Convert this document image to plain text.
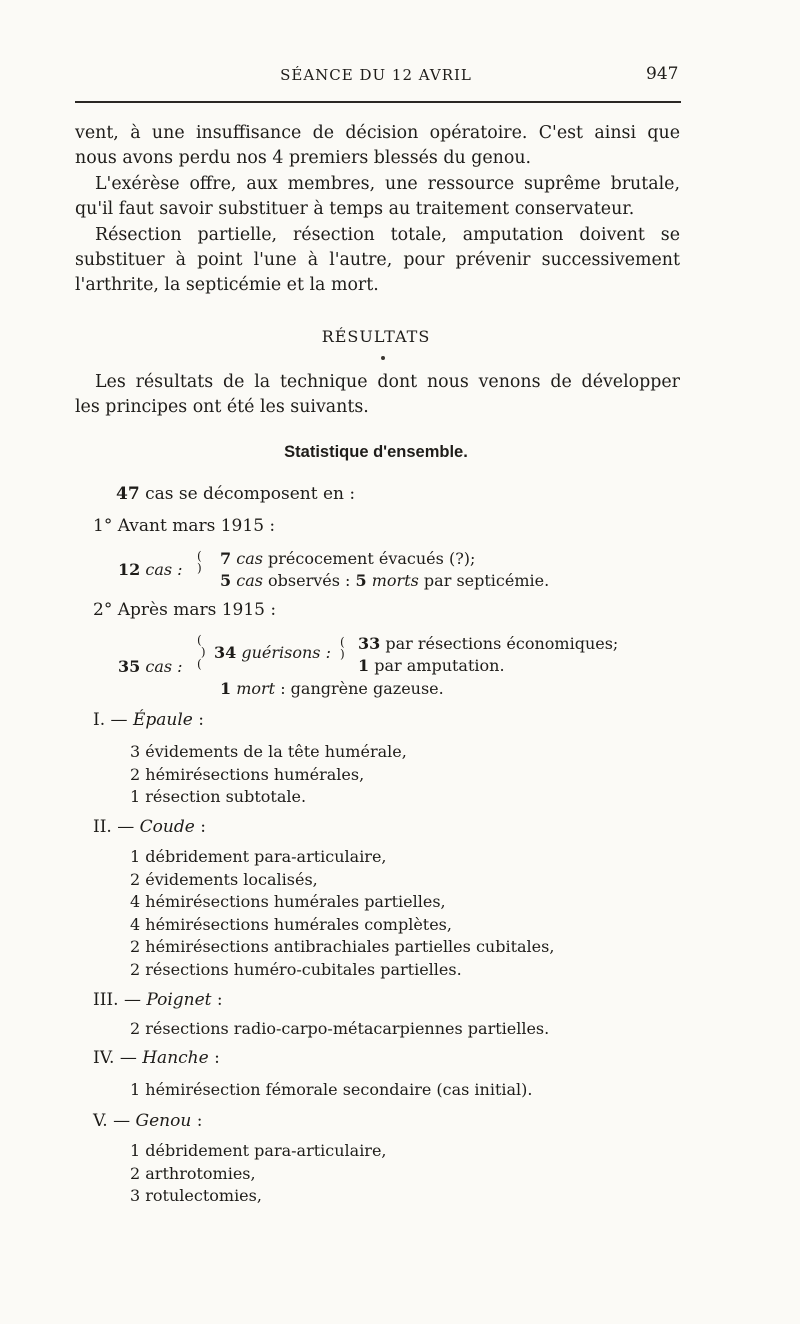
SÉANCE DU 12 AVRIL	947

vent, à une insuffisance de décision opératoire. C'est ainsi que
nous avons perdu nos 4 premiers blessés du genou.
L'exérèse offre, aux membres, une ressource suprême brutale,
qu'il faut savoir substituer à temps au traitement conservateur.
Résection partielle, résection totale, amputation doivent se
substituer à point l'une à l'autre, pour prévenir successivement
l'arthrite, la septicémie et la mort.

RÉSULTATS

Les résultats de la technique dont nous venons de développer
les principes ont été les suivants.

Statistique d'ensemble.
47 cas se décomposent en :
1° Avant mars 1915 :
12 cas :
(
) 7 cas précocement évacués (?);
5 cas observés : 5 morts par septicémie.
2° Après mars 1915 :
35 cas :
(
)
(
34 guérisons :
(
)
33 par résections économiques;
1 par amputation.
1 mort : gangrène gazeuse.
I. — Épaule :
3 évidements de la tête humérale,
2 hémirésections humérales,
1 résection subtotale.
II. — Coude :
1 débridement para-articulaire,
2 évidements localisés,
4 hémirésections humérales partielles,
4 hémirésections humérales complètes,
2 hémirésections antibrachiales partielles cubitales,
2 résections huméro-cubitales partielles.
III. — Poignet :
2 résections radio-carpo-métacarpiennes partielles.
IV. — Hanche :
1 hémirésection fémorale secondaire (cas initial).
V. — Genou :
1 débridement para-articulaire,
2 arthrotomies,
3 rotulectomies,
